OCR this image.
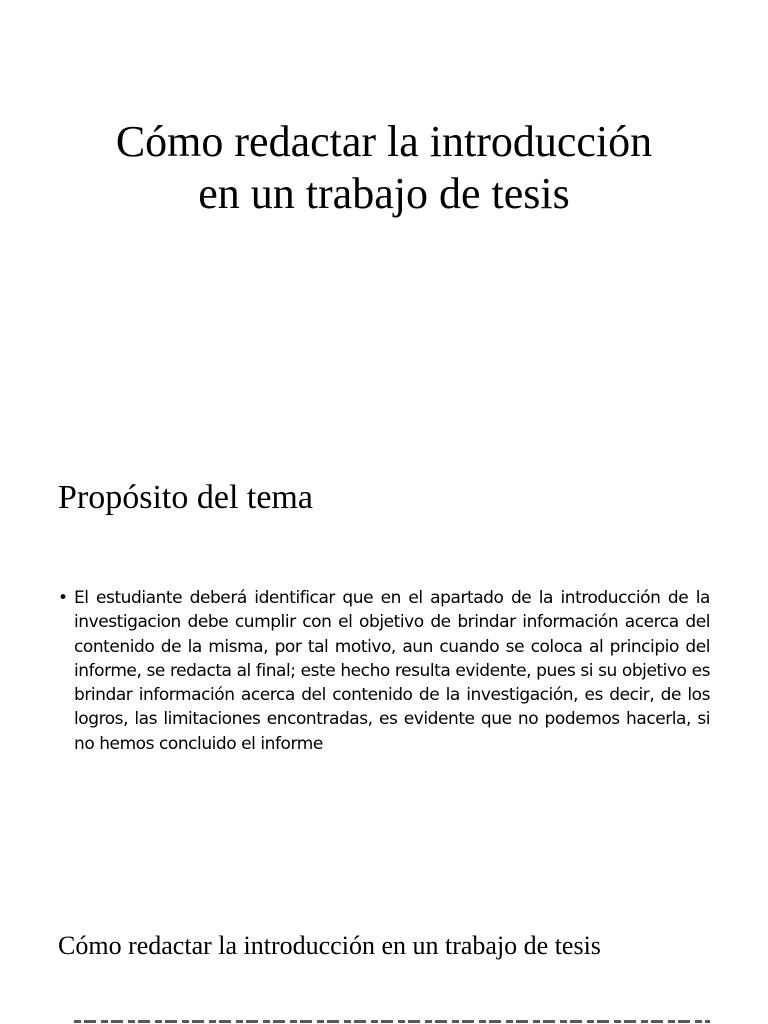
Cómo redactar la introducción
en un trabajo de tesis
Propósito del tema
• El estudiante deberá identificar que en el apartado de la introducción de la investigacion debe cumplir con el objetivo de brindar información acerca del contenido de la misma, por tal motivo, aun cuando se coloca al principio del informe, se redacta al final; este hecho resulta evidente, pues si su objetivo es brindar información acerca del contenido de la investigación, es decir, de los logros, las limitaciones encontradas, es evidente que no podemos hacerla, si no hemos concluido el informe
Cómo redactar la introducción en un trabajo de tesis
